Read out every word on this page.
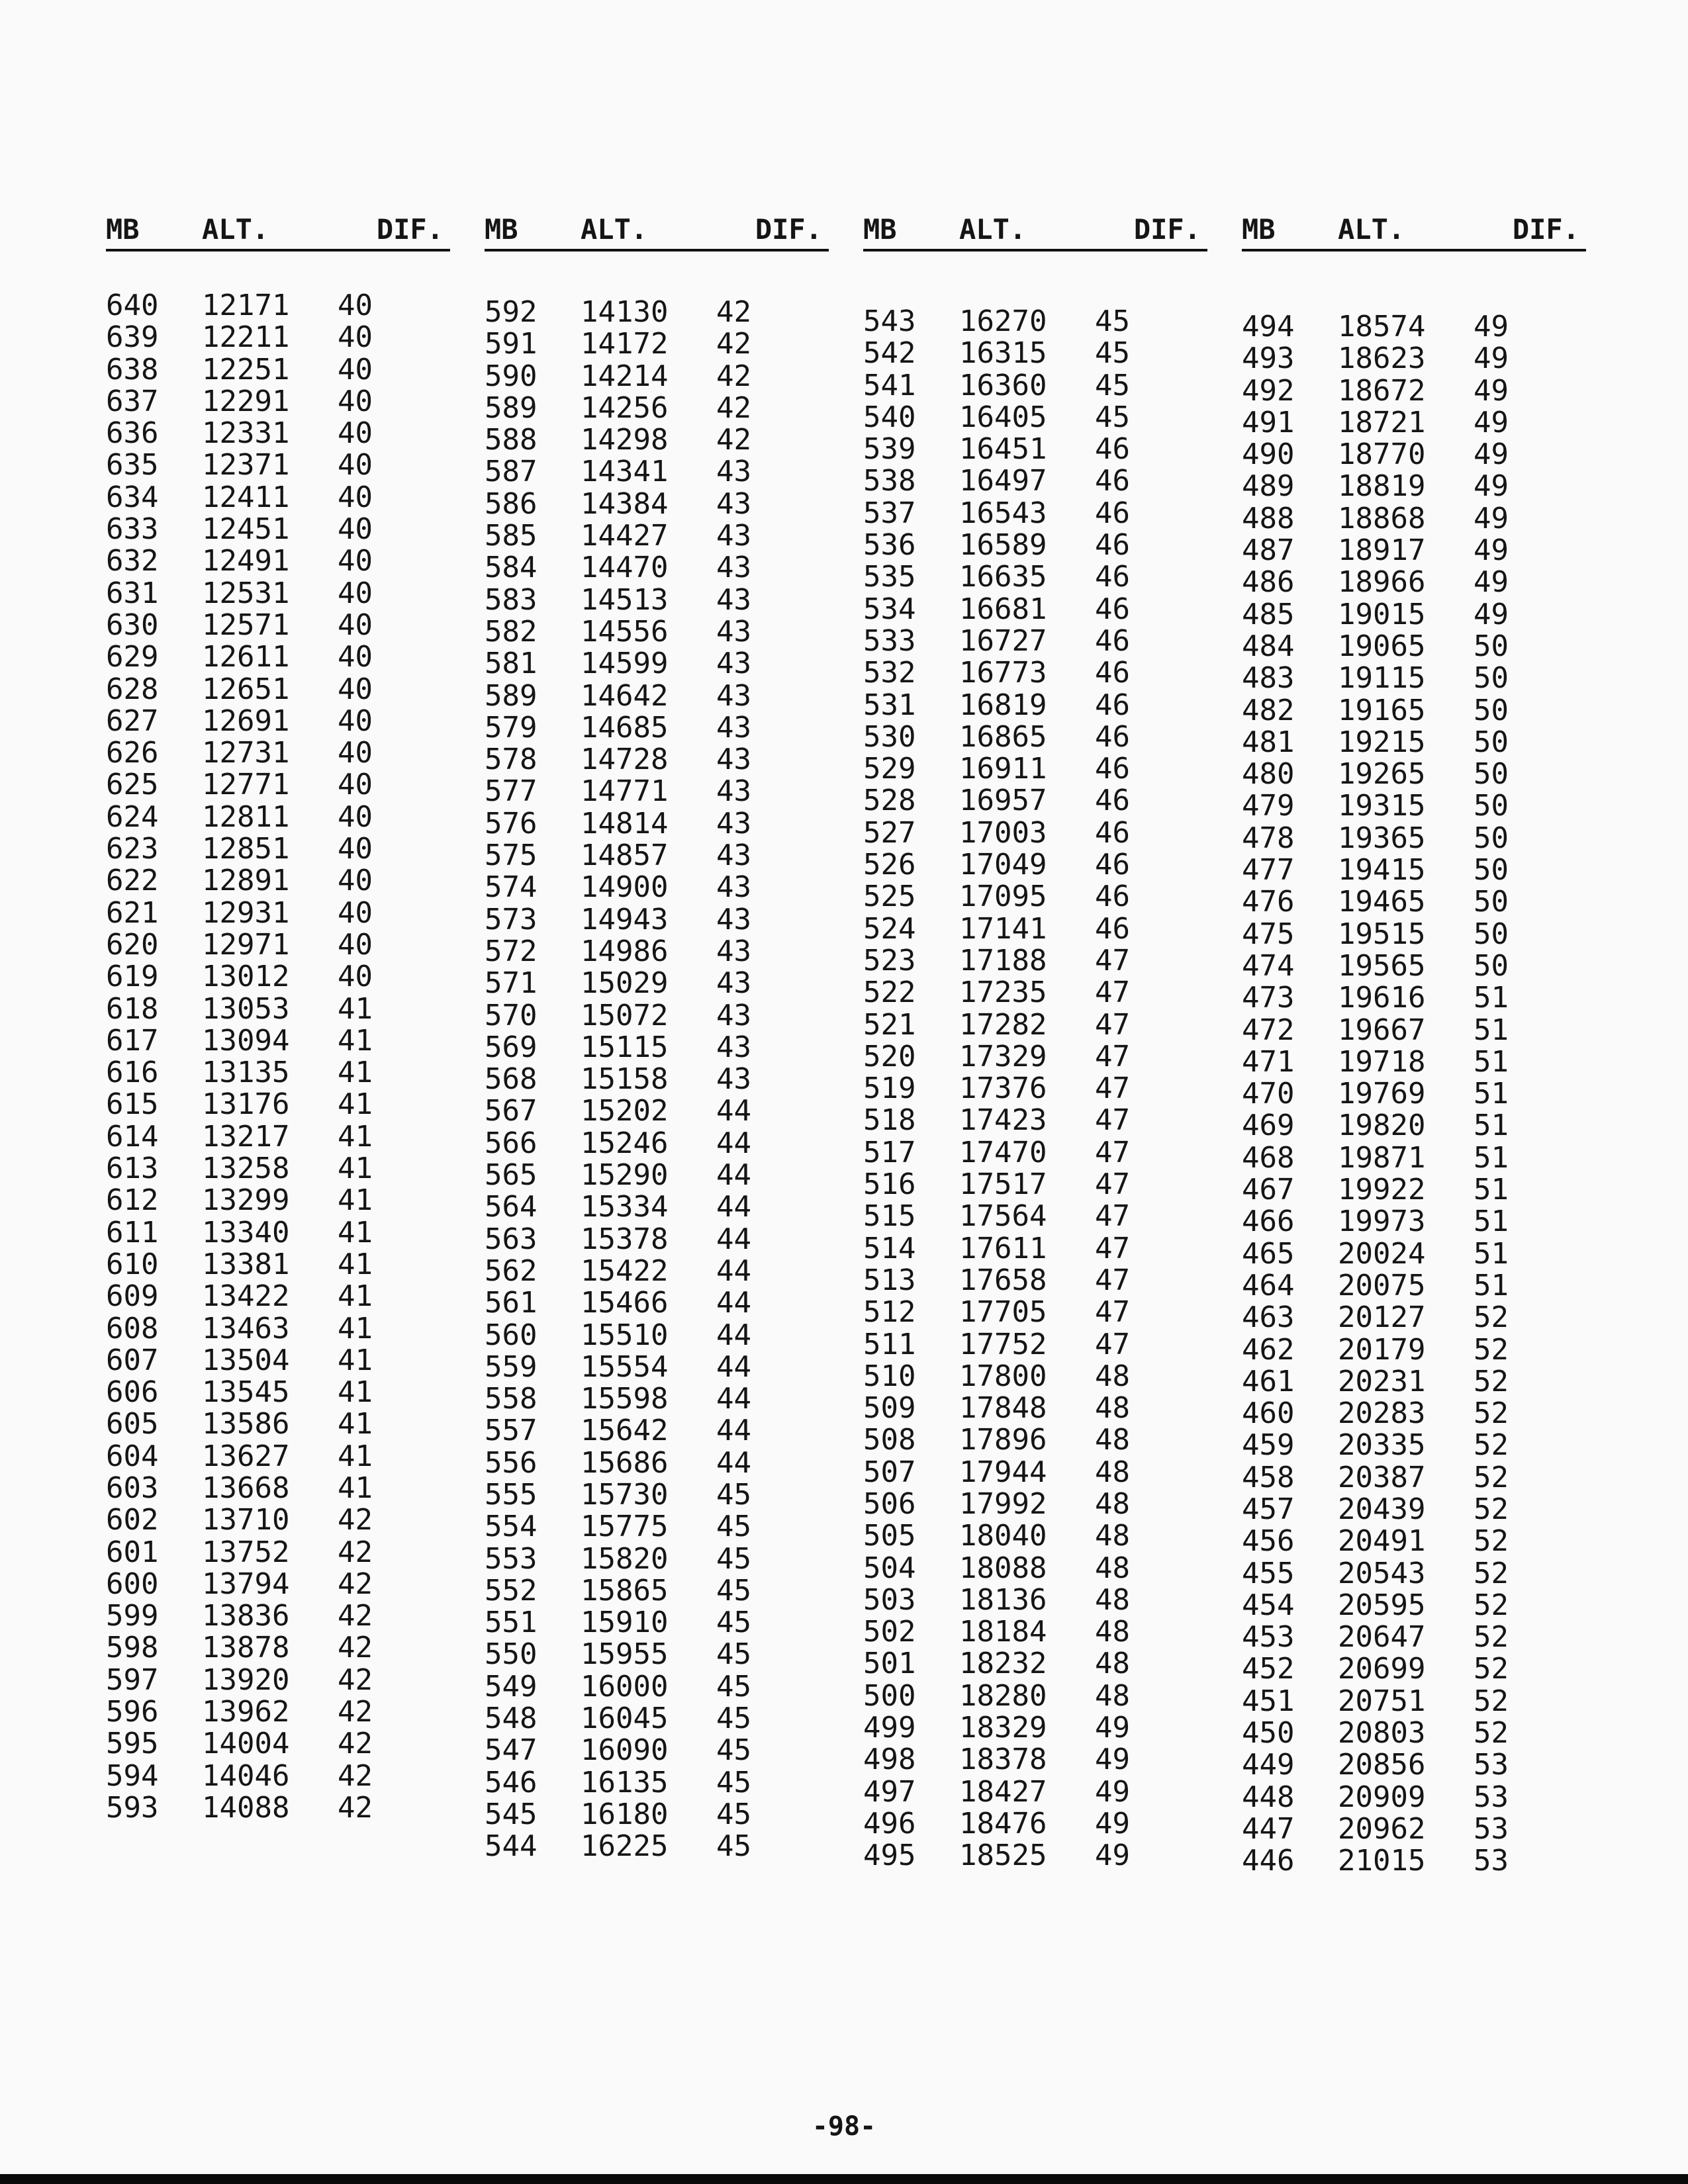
MB	ALT.	DIF.
640	12171	40
639	12211	40
638	12251	40
637	12291	40
636	12331	40
635	12371	40
634	12411	40
633	12451	40
632	12491	40
631	12531	40
630	12571	40
629	12611	40
628	12651	40
627	12691	40
626	12731	40
625	12771	40
624	12811	40
623	12851	40
622	12891	40
621	12931	40
620	12971	40
619	13012	40
618	13053	41
617	13094	41
616	13135	41
615	13176	41
614	13217	41
613	13258	41
612	13299	41
611	13340	41
610	13381	41
609	13422	41
608	13463	41
607	13504	41
606	13545	41
605	13586	41
604	13627	41
603	13668	41
602	13710	42
601	13752	42
600	13794	42
599	13836	42
598	13878	42
597	13920	42
596	13962	42
595	14004	42
594	14046	42
593	14088	42
MB	ALT.	DIF.
592	14130	42
591	14172	42
590	14214	42
589	14256	42
588	14298	42
587	14341	43
586	14384	43
585	14427	43
584	14470	43
583	14513	43
582	14556	43
581	14599	43
589	14642	43
579	14685	43
578	14728	43
577	14771	43
576	14814	43
575	14857	43
574	14900	43
573	14943	43
572	14986	43
571	15029	43
570	15072	43
569	15115	43
568	15158	43
567	15202	44
566	15246	44
565	15290	44
564	15334	44
563	15378	44
562	15422	44
561	15466	44
560	15510	44
559	15554	44
558	15598	44
557	15642	44
556	15686	44
555	15730	45
554	15775	45
553	15820	45
552	15865	45
551	15910	45
550	15955	45
549	16000	45
548	16045	45
547	16090	45
546	16135	45
545	16180	45
544	16225	45
MB	ALT.	DIF.
543	16270	45
542	16315	45
541	16360	45
540	16405	45
539	16451	46
538	16497	46
537	16543	46
536	16589	46
535	16635	46
534	16681	46
533	16727	46
532	16773	46
531	16819	46
530	16865	46
529	16911	46
528	16957	46
527	17003	46
526	17049	46
525	17095	46
524	17141	46
523	17188	47
522	17235	47
521	17282	47
520	17329	47
519	17376	47
518	17423	47
517	17470	47
516	17517	47
515	17564	47
514	17611	47
513	17658	47
512	17705	47
511	17752	47
510	17800	48
509	17848	48
508	17896	48
507	17944	48
506	17992	48
505	18040	48
504	18088	48
503	18136	48
502	18184	48
501	18232	48
500	18280	48
499	18329	49
498	18378	49
497	18427	49
496	18476	49
495	18525	49
MB	ALT.	DIF.
494	18574	49
493	18623	49
492	18672	49
491	18721	49
490	18770	49
489	18819	49
488	18868	49
487	18917	49
486	18966	49
485	19015	49
484	19065	50
483	19115	50
482	19165	50
481	19215	50
480	19265	50
479	19315	50
478	19365	50
477	19415	50
476	19465	50
475	19515	50
474	19565	50
473	19616	51
472	19667	51
471	19718	51
470	19769	51
469	19820	51
468	19871	51
467	19922	51
466	19973	51
465	20024	51
464	20075	51
463	20127	52
462	20179	52
461	20231	52
460	20283	52
459	20335	52
458	20387	52
457	20439	52
456	20491	52
455	20543	52
454	20595	52
453	20647	52
452	20699	52
451	20751	52
450	20803	52
449	20856	53
448	20909	53
447	20962	53
446	21015	53
-98-
